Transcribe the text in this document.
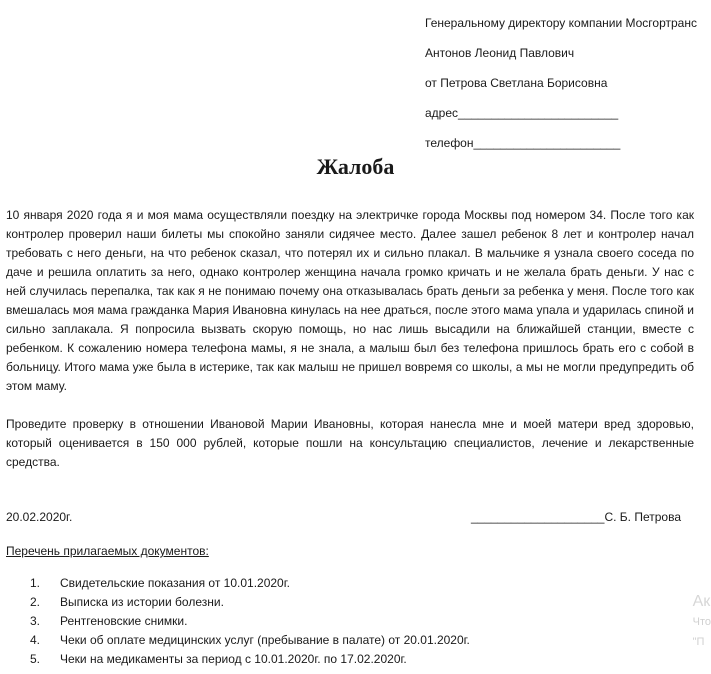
Генеральному директору компании Мосгортранс
Антонов Леонид Павлович
от Петрова Светлана Борисовна
адрес________________________
телефон______________________
Жалоба

10 января 2020 года я и моя мама осуществляли поездку на электричке города Москвы под номером 34. После того как контролер проверил наши билеты мы спокойно заняли сидячее место. Далее зашел ребенок 8 лет и контролер начал требовать с него деньги, на что ребенок сказал, что потерял их и сильно плакал. В мальчике я узнала своего соседа по даче и решила оплатить за него, однако контролер женщина начала громко кричать и не желала брать деньги. У нас с ней случилась перепалка, так как я не понимаю почему она отказывалась брать деньги за ребенка у меня. После того как вмешалась моя мама гражданка Мария Ивановна кинулась на нее драться, после этого мама упала и ударилась спиной и сильно заплакала. Я попросила вызвать скорую помощь, но нас лишь высадили на ближайшей станции, вместе с ребенком. К сожалению номера телефона мамы, я не знала, а малыш был без телефона пришлось брать его с собой в больницу. Итого мама уже была в истерике, так как малыш не пришел вовремя со школы, а мы не могли предупредить об этом маму.

Проведите проверку в отношении Ивановой Марии Ивановны, которая нанесла мне и моей матери вред здоровью, который оценивается в 150 000 рублей, которые пошли на консультацию специалистов, лечение и лекарственные средства.

20.02.2020г.	____________________С. Б. Петрова
Перечень прилагаемых документов:
1.	Свидетельские показания от 10.01.2020г.
2.	Выписка из истории болезни.
3.	Рентгеновские снимки.
4.	Чеки об оплате медицинских услуг (пребывание в палате) от 20.01.2020г.
5.	Чеки на медикаменты за период с 10.01.2020г. по 17.02.2020г.
Ак
Что
"П
